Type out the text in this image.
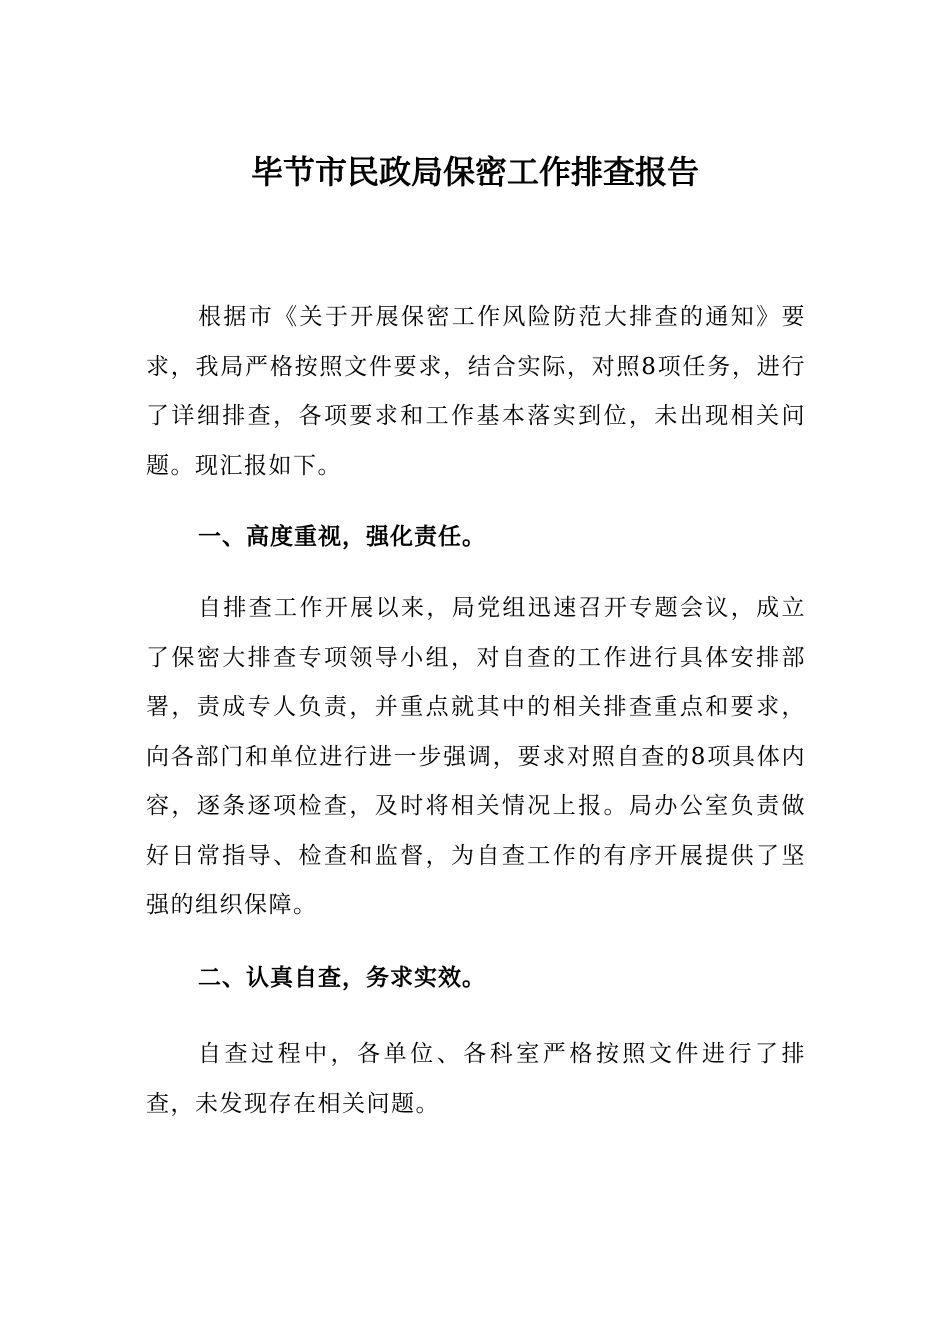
毕节市民政局保密工作排查报告

根据市《关于开展保密工作风险防范大排查的通知》要求，我局严格按照文件要求，结合实际，对照8项任务，进行了详细排查，各项要求和工作基本落实到位，未出现相关问题。现汇报如下。

一、高度重视，强化责任。

自排查工作开展以来，局党组迅速召开专题会议，成立了保密大排查专项领导小组，对自查的工作进行具体安排部署，责成专人负责，并重点就其中的相关排查重点和要求，向各部门和单位进行进一步强调，要求对照自查的8项具体内容，逐条逐项检查，及时将相关情况上报。局办公室负责做好日常指导、检查和监督，为自查工作的有序开展提供了坚强的组织保障。

二、认真自查，务求实效。

自查过程中，各单位、各科室严格按照文件进行了排查，未发现存在相关问题。
